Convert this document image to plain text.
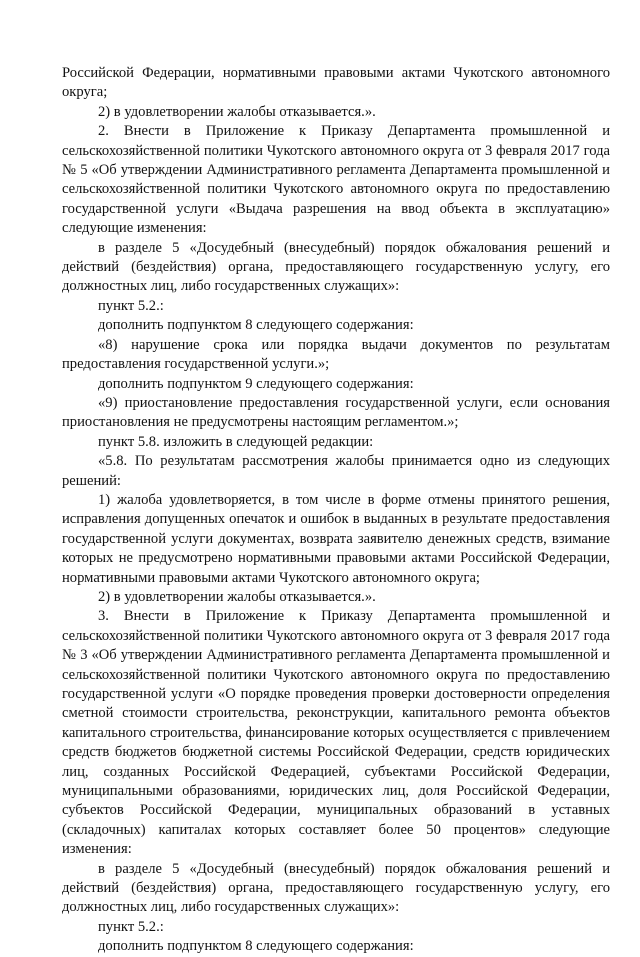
Российской Федерации, нормативными правовыми актами Чукотского автономного округа;

2) в удовлетворении жалобы отказывается.».

2. Внести в Приложение к Приказу Департамента промышленной и сельскохозяйственной политики Чукотского автономного округа от 3 февраля 2017 года № 5 «Об утверждении Административного регламента Департамента промышленной и сельскохозяйственной политики Чукотского автономного округа по предоставлению государственной услуги «Выдача разрешения на ввод объекта в эксплуатацию» следующие изменения:

в разделе 5 «Досудебный (внесудебный) порядок обжалования решений и действий (бездействия) органа, предоставляющего государственную услугу, его должностных лиц, либо государственных служащих»:

пункт 5.2.:

дополнить подпунктом 8 следующего содержания:

«8) нарушение срока или порядка выдачи документов по результатам предоставления государственной услуги.»;

дополнить подпунктом 9 следующего содержания:

«9) приостановление предоставления государственной услуги, если основания приостановления не предусмотрены настоящим регламентом.»;

пункт 5.8. изложить в следующей редакции:

«5.8. По результатам рассмотрения жалобы принимается одно из следующих решений:

1) жалоба удовлетворяется, в том числе в форме отмены принятого решения, исправления допущенных опечаток и ошибок в выданных в результате предоставления государственной услуги документах, возврата заявителю денежных средств, взимание которых не предусмотрено нормативными правовыми актами Российской Федерации, нормативными правовыми актами Чукотского автономного округа;

2) в удовлетворении жалобы отказывается.».

3. Внести в Приложение к Приказу Департамента промышленной и сельскохозяйственной политики Чукотского автономного округа от 3 февраля 2017 года № 3 «Об утверждении Административного регламента Департамента промышленной и сельскохозяйственной политики Чукотского автономного округа по предоставлению государственной услуги «О порядке проведения проверки достоверности определения сметной стоимости строительства, реконструкции, капитального ремонта объектов капитального строительства, финансирование которых осуществляется с привлечением средств бюджетов бюджетной системы Российской Федерации, средств юридических лиц, созданных Российской Федерацией, субъектами Российской Федерации, муниципальными образованиями, юридических лиц, доля Российской Федерации, субъектов Российской Федерации, муниципальных образований в уставных (складочных) капиталах которых составляет более 50 процентов» следующие изменения:

в разделе 5 «Досудебный (внесудебный) порядок обжалования решений и действий (бездействия) органа, предоставляющего государственную услугу, его должностных лиц, либо государственных служащих»:

пункт 5.2.:

дополнить подпунктом 8 следующего содержания:
